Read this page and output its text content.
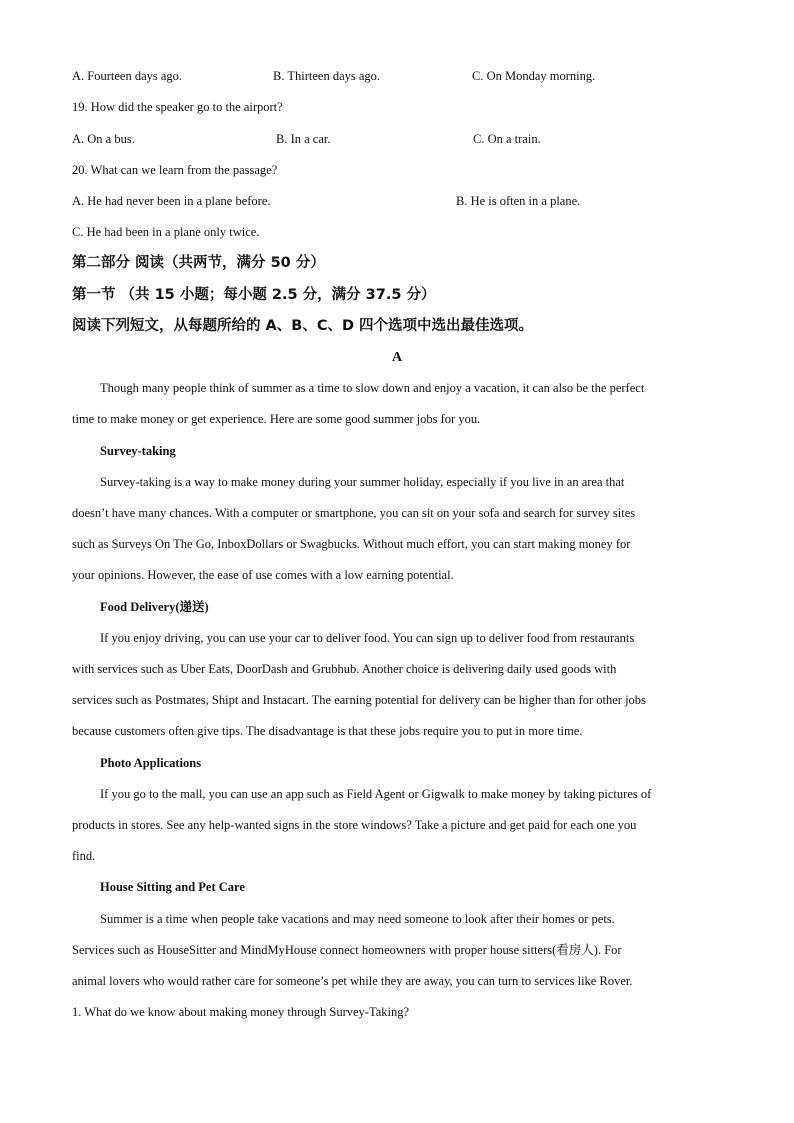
A. Fourteen days ago.	B. Thirteen days ago.	C. On Monday morning.
19. How did the speaker go to the airport?
A. On a bus.	B. In a car.	C. On a train.
20. What can we learn from the passage?
A. He had never been in a plane before.	B. He is often in a plane.
C. He had been in a plane only twice.
第二部分 阅读（共两节，满分 50 分）
第一节 （共 15 小题；每小题 2.5 分，满分 37.5 分）
阅读下列短文，从每题所给的 A、B、C、D 四个选项中选出最佳选项。
A
Though many people think of summer as a time to slow down and enjoy a vacation, it can also be the perfect
time to make money or get experience. Here are some good summer jobs for you.
Survey-taking
Survey-taking is a way to make money during your summer holiday, especially if you live in an area that
doesn’t have many chances. With a computer or smartphone, you can sit on your sofa and search for survey sites
such as Surveys On The Go, InboxDollars or Swagbucks. Without much effort, you can start making money for
your opinions. However, the ease of use comes with a low earning potential.
Food Delivery(递送)
If you enjoy driving, you can use your car to deliver food. You can sign up to deliver food from restaurants
with services such as Uber Eats, DoorDash and Grubhub. Another choice is delivering daily used goods with
services such as Postmates, Shipt and Instacart. The earning potential for delivery can be higher than for other jobs
because customers often give tips. The disadvantage is that these jobs require you to put in more time.
Photo Applications
If you go to the mall, you can use an app such as Field Agent or Gigwalk to make money by taking pictures of
products in stores. See any help-wanted signs in the store windows? Take a picture and get paid for each one you
find.
House Sitting and Pet Care
Summer is a time when people take vacations and may need someone to look after their homes or pets.
Services such as HouseSitter and MindMyHouse connect homeowners with proper house sitters(看房人). For
animal lovers who would rather care for someone’s pet while they are away, you can turn to services like Rover.
1. What do we know about making money through Survey-Taking?
